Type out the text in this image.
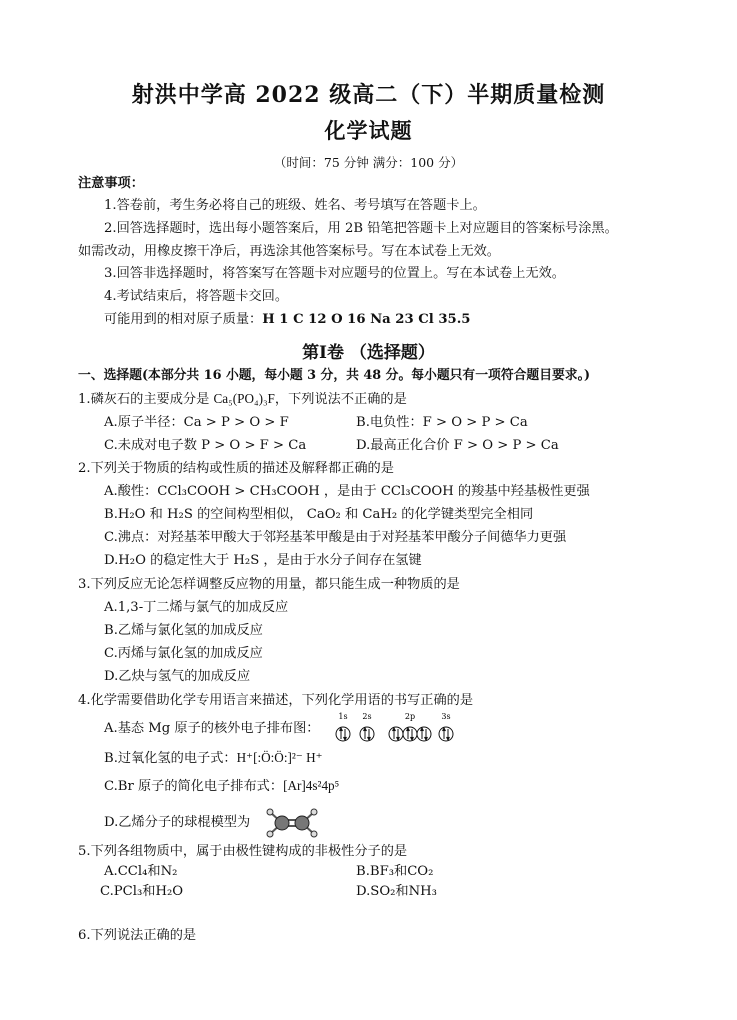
射洪中学高 2022 级高二（下）半期质量检测
化学试题
（时间：75 分钟 满分：100 分）
注意事项：
1.答卷前，考生务必将自己的班级、姓名、考号填写在答题卡上。
2.回答选择题时，选出每小题答案后，用 2B 铅笔把答题卡上对应题目的答案标号涂黑。
如需改动，用橡皮擦干净后，再选涂其他答案标号。写在本试卷上无效。
3.回答非选择题时，将答案写在答题卡对应题号的位置上。写在本试卷上无效。
4.考试结束后，将答题卡交回。
可能用到的相对原子质量：H 1 C 12 O 16 Na 23 Cl 35.5
第Ⅰ卷 （选择题）
一、选择题(本部分共 16 小题，每小题 3 分，共 48 分。每小题只有一项符合题目要求。)
1.磷灰石的主要成分是 Ca₅(PO₄)₃F，下列说法不正确的是
A.原子半径：Ca > P > O > F	B.电负性：F > O > P > Ca
C.未成对电子数 P > O > F > Ca	D.最高正化合价 F > O > P > Ca
2.下列关于物质的结构或性质的描述及解释都正确的是
A.酸性：CCl₃COOH > CH₃COOH ，是由于 CCl₃COOH 的羧基中羟基极性更强
B.H₂O 和 H₂S 的空间构型相似， CaO₂ 和 CaH₂ 的化学键类型完全相同
C.沸点：对羟基苯甲酸大于邻羟基苯甲酸是由于对羟基苯甲酸分子间德华力更强
D.H₂O 的稳定性大于 H₂S ，是由于水分子间存在氢键
3.下列反应无论怎样调整反应物的用量，都只能生成一种物质的是
A.1,3-丁二烯与氯气的加成反应
B.乙烯与氯化氢的加成反应
C.丙烯与氯化氢的加成反应
D.乙炔与氢气的加成反应
4.化学需要借助化学专用语言来描述，下列化学用语的书写正确的是
A.基态 Mg 原子的核外电子排布图：
1s 2s	2p	3s
B.过氧化氢的电子式：H⁺[:Ö:Ö:]²⁻ H⁺
C.Br 原子的简化电子排布式：[Ar]4s²4p⁵
D.乙烯分子的球棍模型为
5.下列各组物质中，属于由极性键构成的非极性分子的是
A.CCl₄和N₂	B.BF₃和CO₂
C.PCl₃和H₂O	D.SO₂和NH₃
6.下列说法正确的是
